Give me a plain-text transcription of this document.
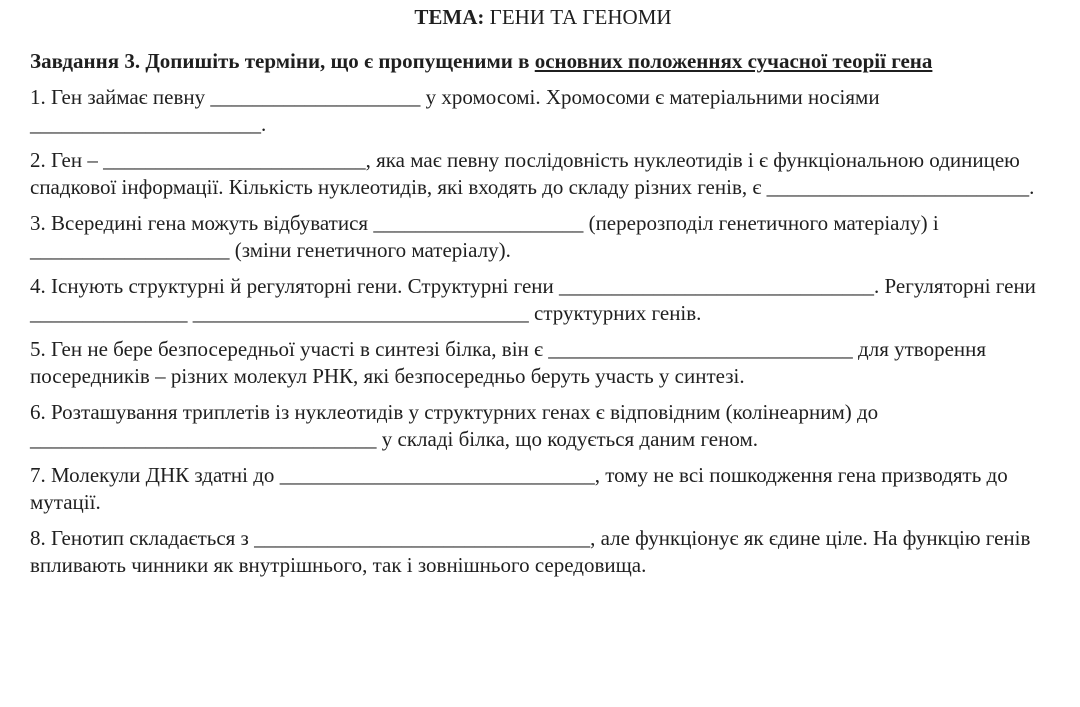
ТЕМА: ГЕНИ ТА ГЕНОМИ
Завдання 3. Допишіть терміни, що є пропущеними в основних положеннях сучасної теорії гена
1. Ген займає певну ____________________ у хромосомі. Хромосоми є матеріальними носіями ______________________.
2. Ген – _________________________, яка має певну послідовність нуклеотидів і є функціональною одиницею спадкової інформації. Кількість нуклеотидів, які входять до складу різних генів, є _________________________.
3. Всередині гена можуть відбуватися ____________________ (перерозподіл генетичного матеріалу) і ___________________ (зміни генетичного матеріалу).
4. Існують структурні й регуляторні гени. Структурні гени ______________________________. Регуляторні гени _______________ ________________________________ структурних генів.
5. Ген не бере безпосередньої участі в синтезі білка, він є _____________________________ для утворення посередників – різних молекул РНК, які безпосередньо беруть участь у синтезі.
6. Розташування триплетів із нуклеотидів у структурних генах є відповідним (колінеарним) до _________________________________ у складі білка, що кодується даним геном.
7. Молекули ДНК здатні до ______________________________, тому не всі пошкодження гена призводять до мутації.
8. Генотип складається з ________________________________, але функціонує як єдине ціле. На функцію генів впливають чинники як внутрішнього, так і зовнішнього середовища.
